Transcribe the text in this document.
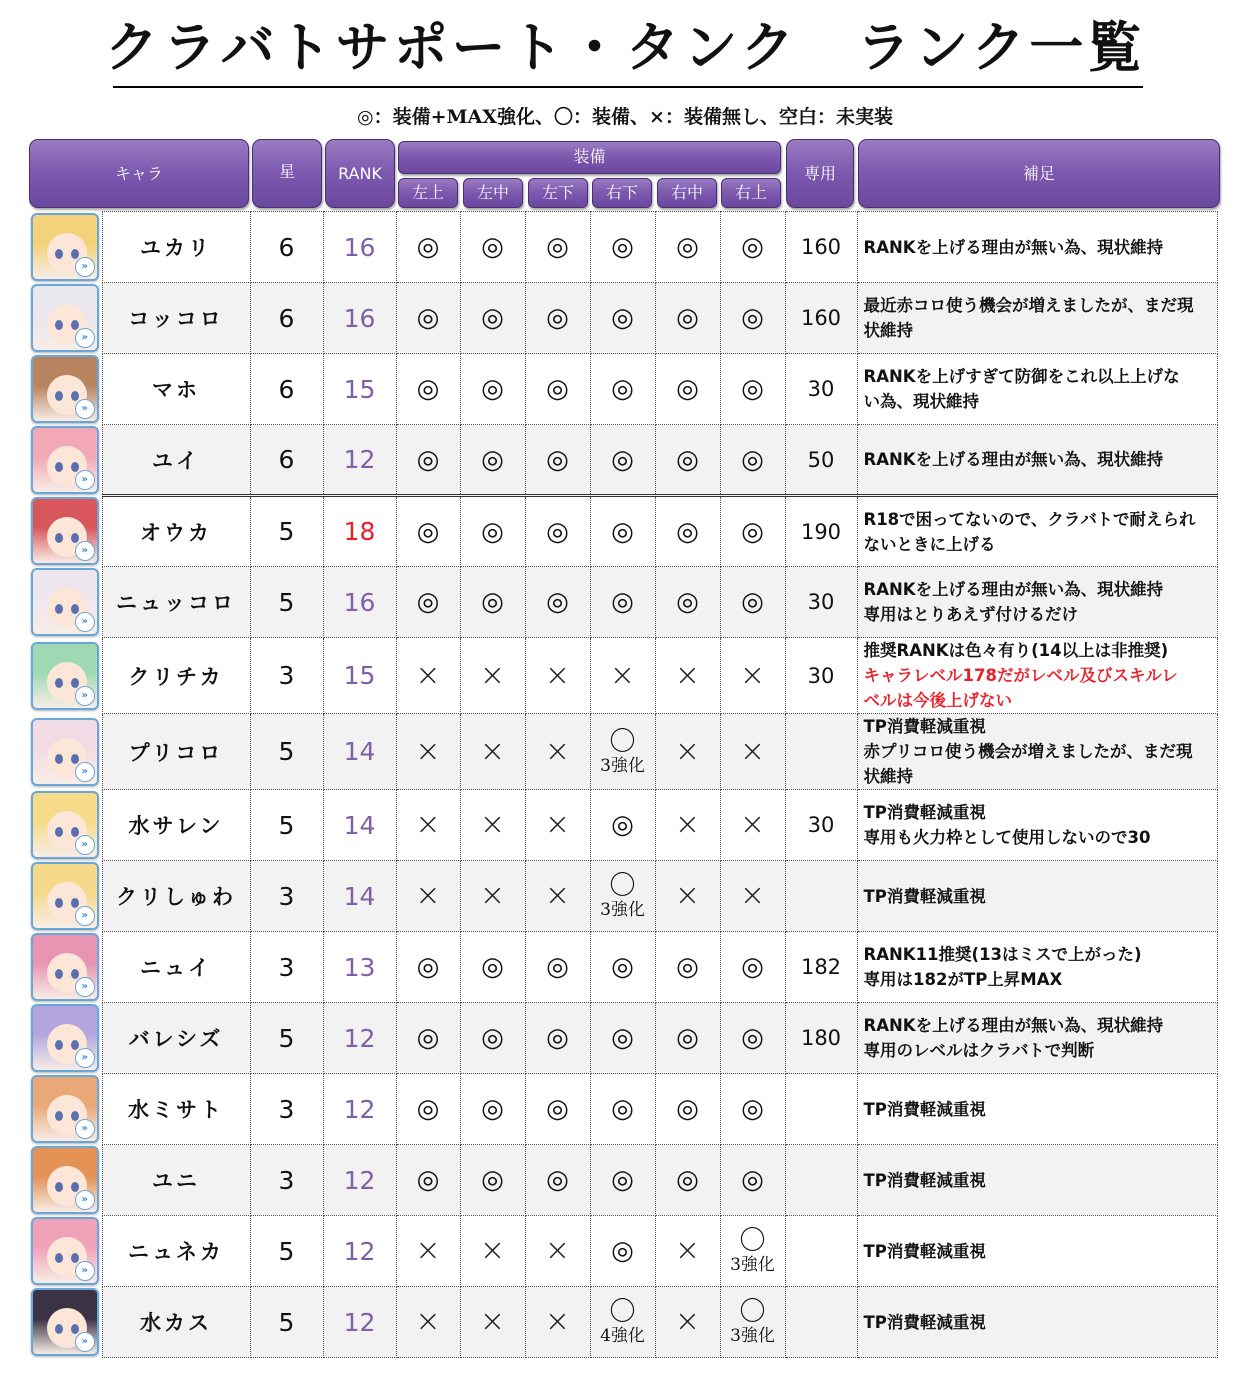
クラバトサポート・タンク　ランク一覧
◎：装備+MAX強化、〇：装備、×：装備無し、空白：未実装
キャラ	星	RANK
装備
左上	左中	左下	右下	右中	右上
専用	補足
»	ユカリ	6	16	◎	◎	◎	◎	◎	◎	160	RANKを上げる理由が無い為、現状維持

»	コッコロ	6	16	◎	◎	◎	◎	◎	◎	160	最近赤コロ使う機会が増えましたが、まだ現
状維持

»	マホ	6	15	◎	◎	◎	◎	◎	◎	30	RANKを上げすぎて防御をこれ以上上げな
い為、現状維持

»	ユイ	6	12	◎	◎	◎	◎	◎	◎	50	RANKを上げる理由が無い為、現状維持

»	オウカ	5	18	◎	◎	◎	◎	◎	◎	190	R18で困ってないので、クラバトで耐えられ
ないときに上げる

»	ニュッコロ	5	16	◎	◎	◎	◎	◎	◎	30	RANKを上げる理由が無い為、現状維持
専用はとりあえず付けるだけ

»	クリチカ	3	15	×	×	×	×	×	×	30	推奨RANKは色々有り(14以上は非推奨)
キャラレベル178だがレベル及びスキルレ
ベルは今後上げない

»	プリコロ	5	14	×	×	×	〇
3強化	×	×		TP消費軽減重視
赤プリコロ使う機会が増えましたが、まだ現
状維持

»	水サレン	5	14	×	×	×	◎	×	×	30	TP消費軽減重視
専用も火力枠として使用しないので30

»	クリしゅわ	3	14	×	×	×	〇
3強化	×	×		TP消費軽減重視

»	ニュイ	3	13	◎	◎	◎	◎	◎	◎	182	RANK11推奨(13はミスで上がった)
専用は182がTP上昇MAX

»	バレシズ	5	12	◎	◎	◎	◎	◎	◎	180	RANKを上げる理由が無い為、現状維持
専用のレベルはクラバトで判断

»	水ミサト	3	12	◎	◎	◎	◎	◎	◎		TP消費軽減重視

»	ユニ	3	12	◎	◎	◎	◎	◎	◎		TP消費軽減重視

»	ニュネカ	5	12	×	×	×	◎	×	〇
3強化		TP消費軽減重視

»	水カス	5	12	×	×	×	〇
4強化	×	〇
3強化		TP消費軽減重視
